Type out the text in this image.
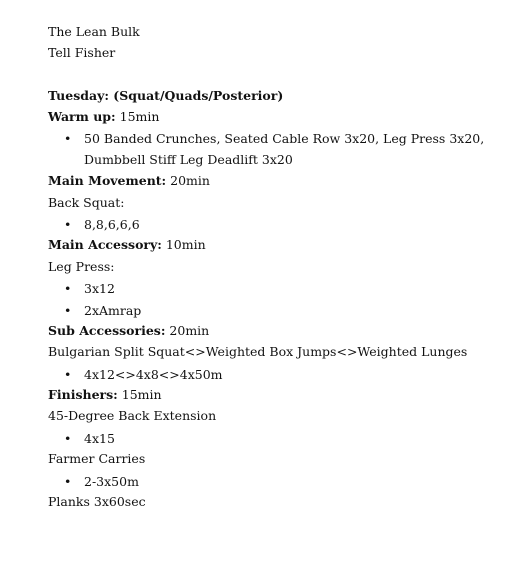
The Lean Bulk
Tell Fisher
Tuesday: (Squat/Quads/Posterior)
Warm up: 15min
• 50 Banded Crunches, Seated Cable Row 3x20, Leg Press 3x20, Dumbbell Stiff Leg Deadlift 3x20
Main Movement: 20min
Back Squat:
• 8,8,6,6,6
Main Accessory: 10min
Leg Press:
• 3x12
• 2xAmrap
Sub Accessories: 20min
Bulgarian Split Squat<>Weighted Box Jumps<>Weighted Lunges
• 4x12<>4x8<>4x50m
Finishers: 15min
45-Degree Back Extension
• 4x15
Farmer Carries
• 2-3x50m
Planks 3x60sec
